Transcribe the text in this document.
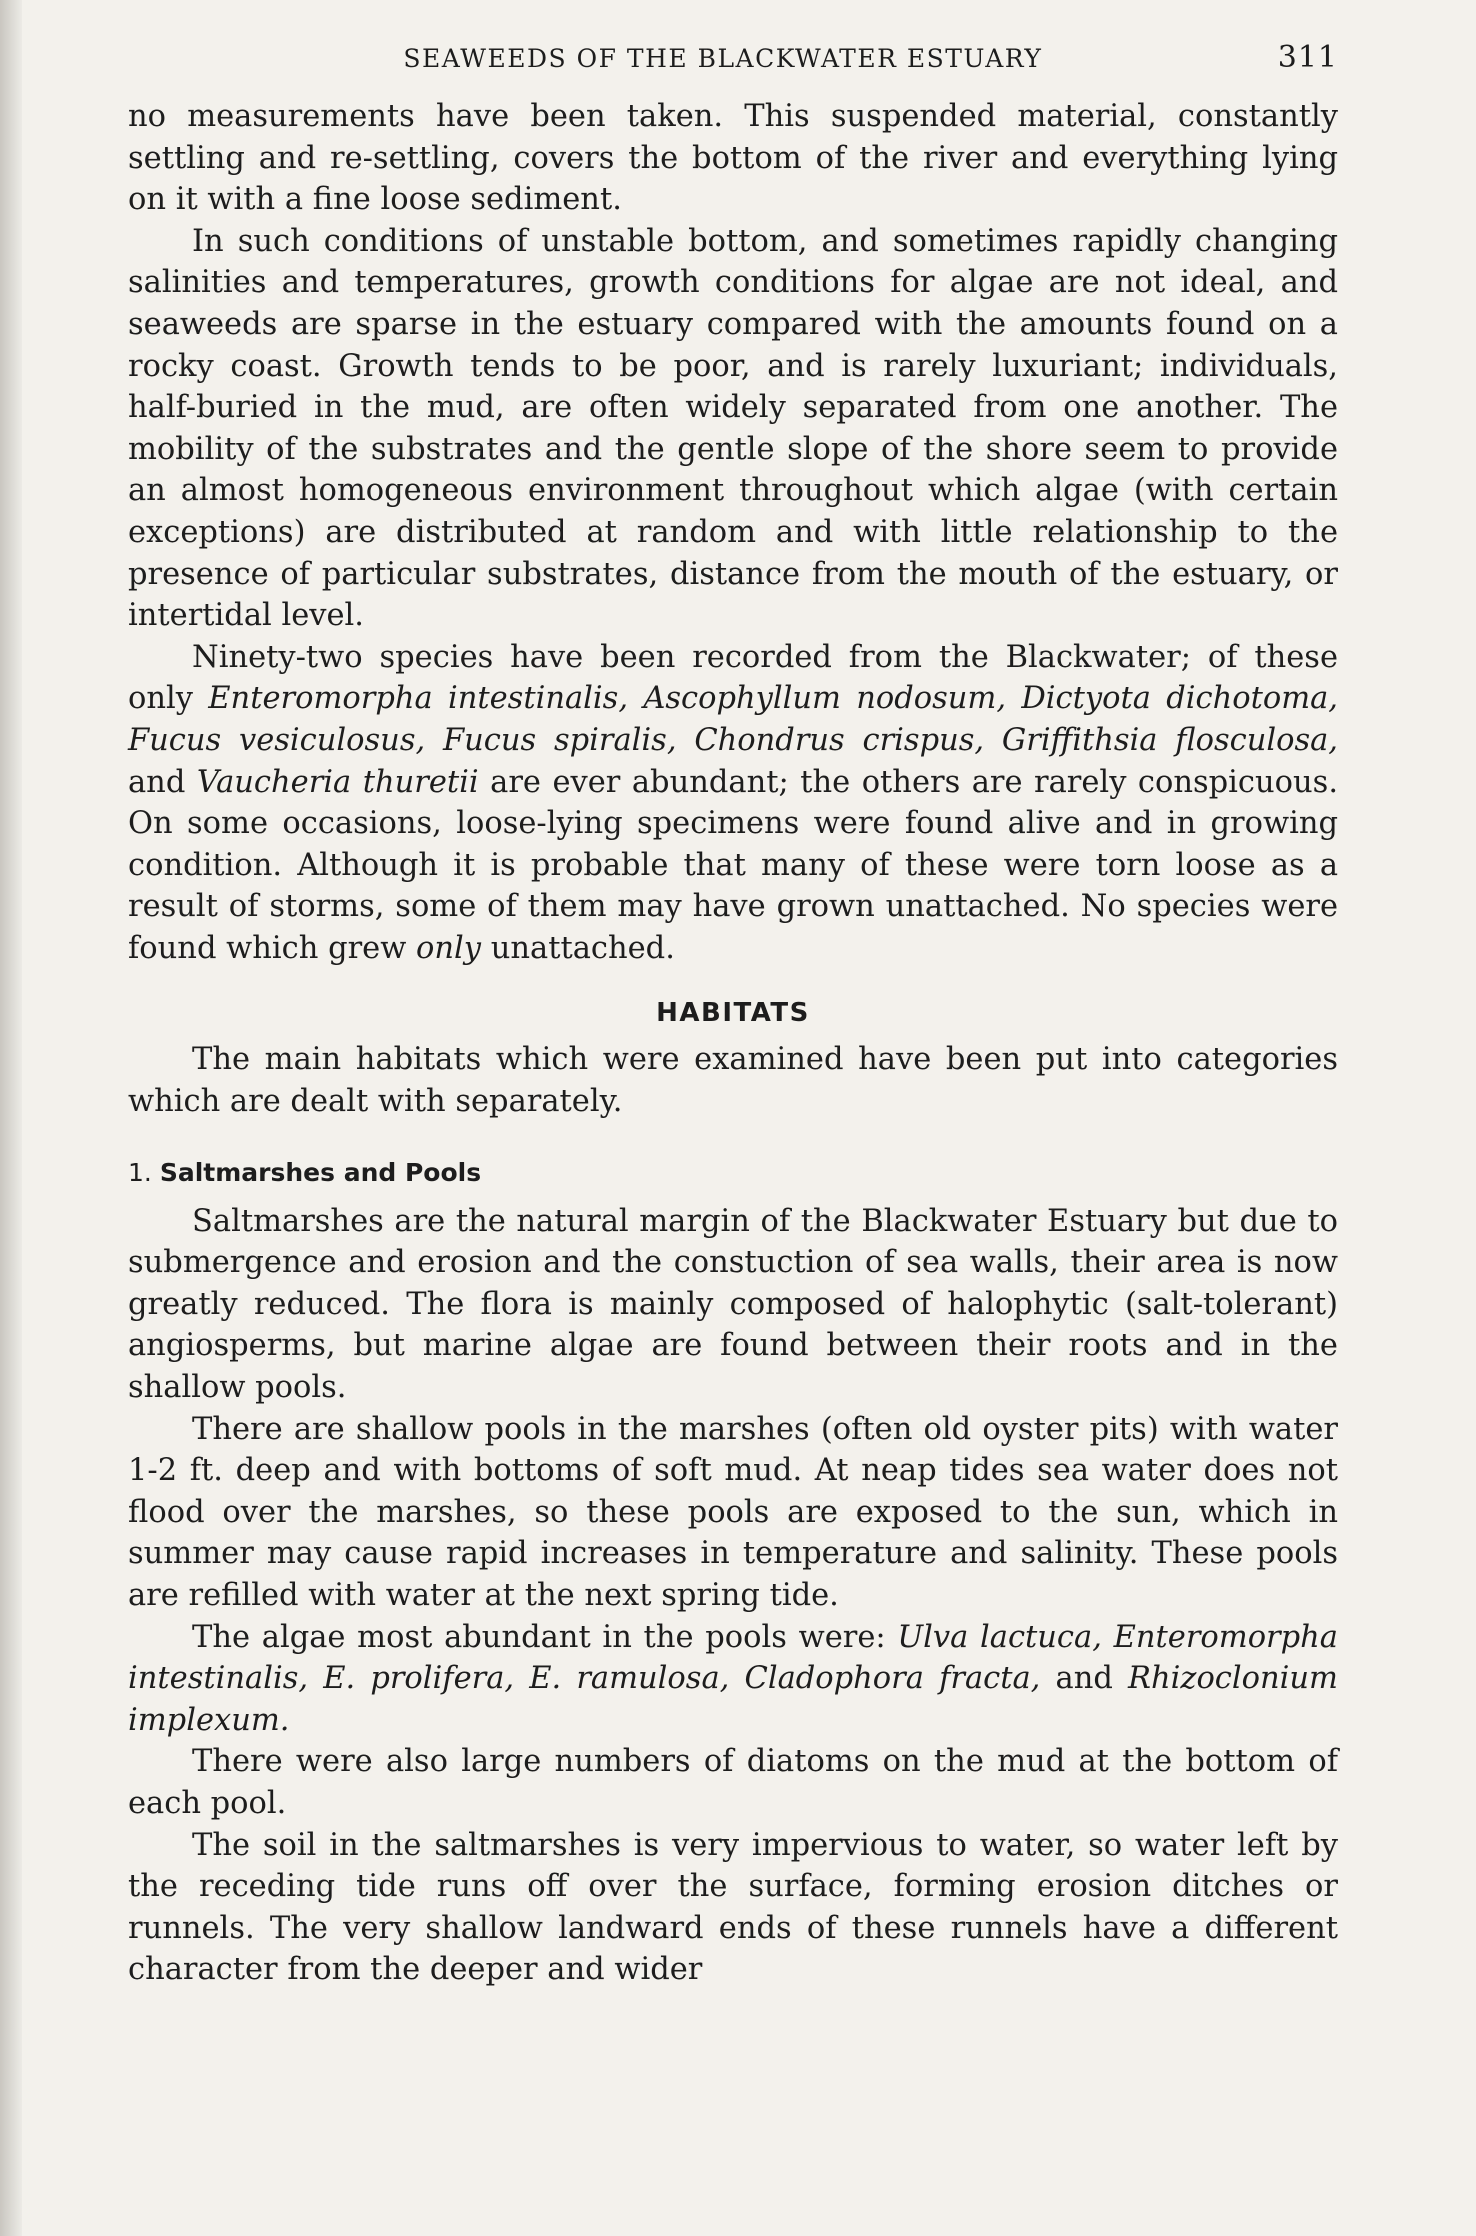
SEAWEEDS OF THE BLACKWATER ESTUARY	311

no measurements have been taken. This suspended material, constantly settling and re-settling, covers the bottom of the river and everything lying on it with a fine loose sediment.

In such conditions of unstable bottom, and sometimes rapidly changing salinities and temperatures, growth conditions for algae are not ideal, and seaweeds are sparse in the estuary compared with the amounts found on a rocky coast. Growth tends to be poor, and is rarely luxuriant; individuals, half-buried in the mud, are often widely separated from one another. The mobility of the substrates and the gentle slope of the shore seem to provide an almost homogeneous environment throughout which algae (with certain exceptions) are distributed at random and with little relationship to the presence of particular substrates, distance from the mouth of the estuary, or intertidal level.

Ninety-two species have been recorded from the Blackwater; of these only Enteromorpha intestinalis, Ascophyllum nodosum, Dictyota dichotoma, Fucus vesiculosus, Fucus spiralis, Chondrus crispus, Griffithsia flosculosa, and Vaucheria thuretii are ever abundant; the others are rarely conspicuous. On some occasions, loose-lying specimens were found alive and in growing condition. Although it is probable that many of these were torn loose as a result of storms, some of them may have grown unattached. No species were found which grew only unattached.

HABITATS

The main habitats which were examined have been put into categories which are dealt with separately.

1. Saltmarshes and Pools

Saltmarshes are the natural margin of the Blackwater Estuary but due to submergence and erosion and the constuction of sea walls, their area is now greatly reduced. The flora is mainly composed of halophytic (salt-tolerant) angiosperms, but marine algae are found between their roots and in the shallow pools.

There are shallow pools in the marshes (often old oyster pits) with water 1-2 ft. deep and with bottoms of soft mud. At neap tides sea water does not flood over the marshes, so these pools are exposed to the sun, which in summer may cause rapid increases in temperature and salinity. These pools are refilled with water at the next spring tide.

The algae most abundant in the pools were: Ulva lactuca, Enteromorpha intestinalis, E. prolifera, E. ramulosa, Cladophora fracta, and Rhizoclonium implexum.

There were also large numbers of diatoms on the mud at the bottom of each pool.

The soil in the saltmarshes is very impervious to water, so water left by the receding tide runs off over the surface, forming erosion ditches or runnels. The very shallow landward ends of these runnels have a different character from the deeper and wider
